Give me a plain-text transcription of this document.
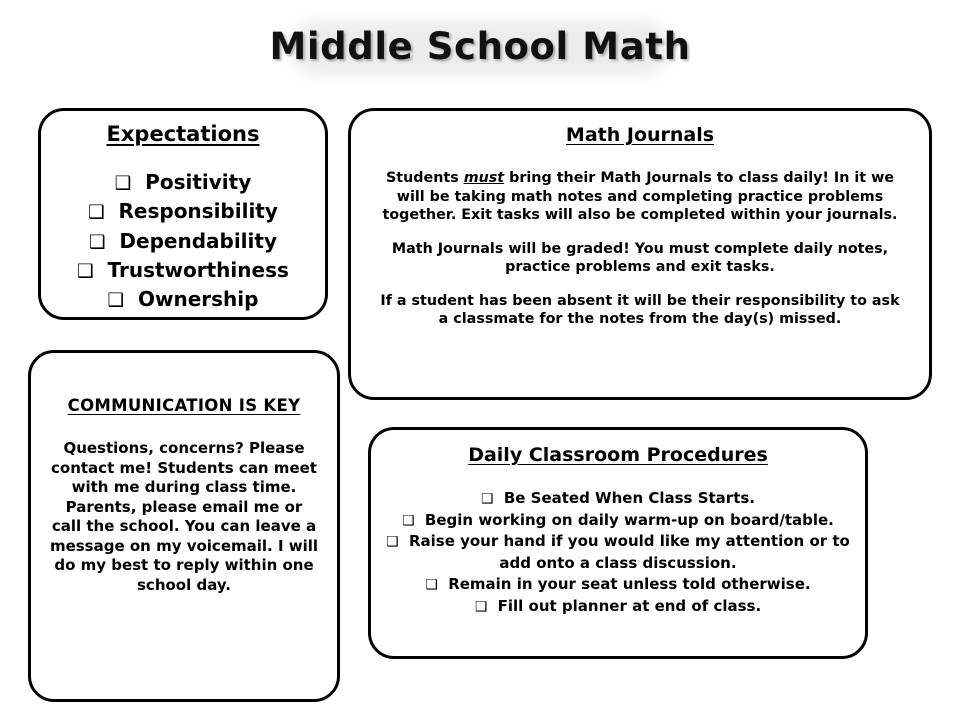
Middle School Math
Expectations
❑  Positivity
❑  Responsibility
❑  Dependability
❑  Trustworthiness
❑  Ownership
Math Journals
Students must bring their Math Journals to class daily! In it we will be taking math notes and completing practice problems together. Exit tasks will also be completed within your journals.
Math Journals will be graded! You must complete daily notes, practice problems and exit tasks.
If a student has been absent it will be their responsibility to ask a classmate for the notes from the day(s) missed.
COMMUNICATION IS KEY
Questions, concerns? Please contact me! Students can meet with me during class time. Parents, please email me or call the school. You can leave a message on my voicemail. I will do my best to reply within one school day.
Daily Classroom Procedures
❑  Be Seated When Class Starts.
❑  Begin working on daily warm-up on board/table.
❑  Raise your hand if you would like my attention or to add onto a class discussion.
❑  Remain in your seat unless told otherwise.
❑  Fill out planner at end of class.
